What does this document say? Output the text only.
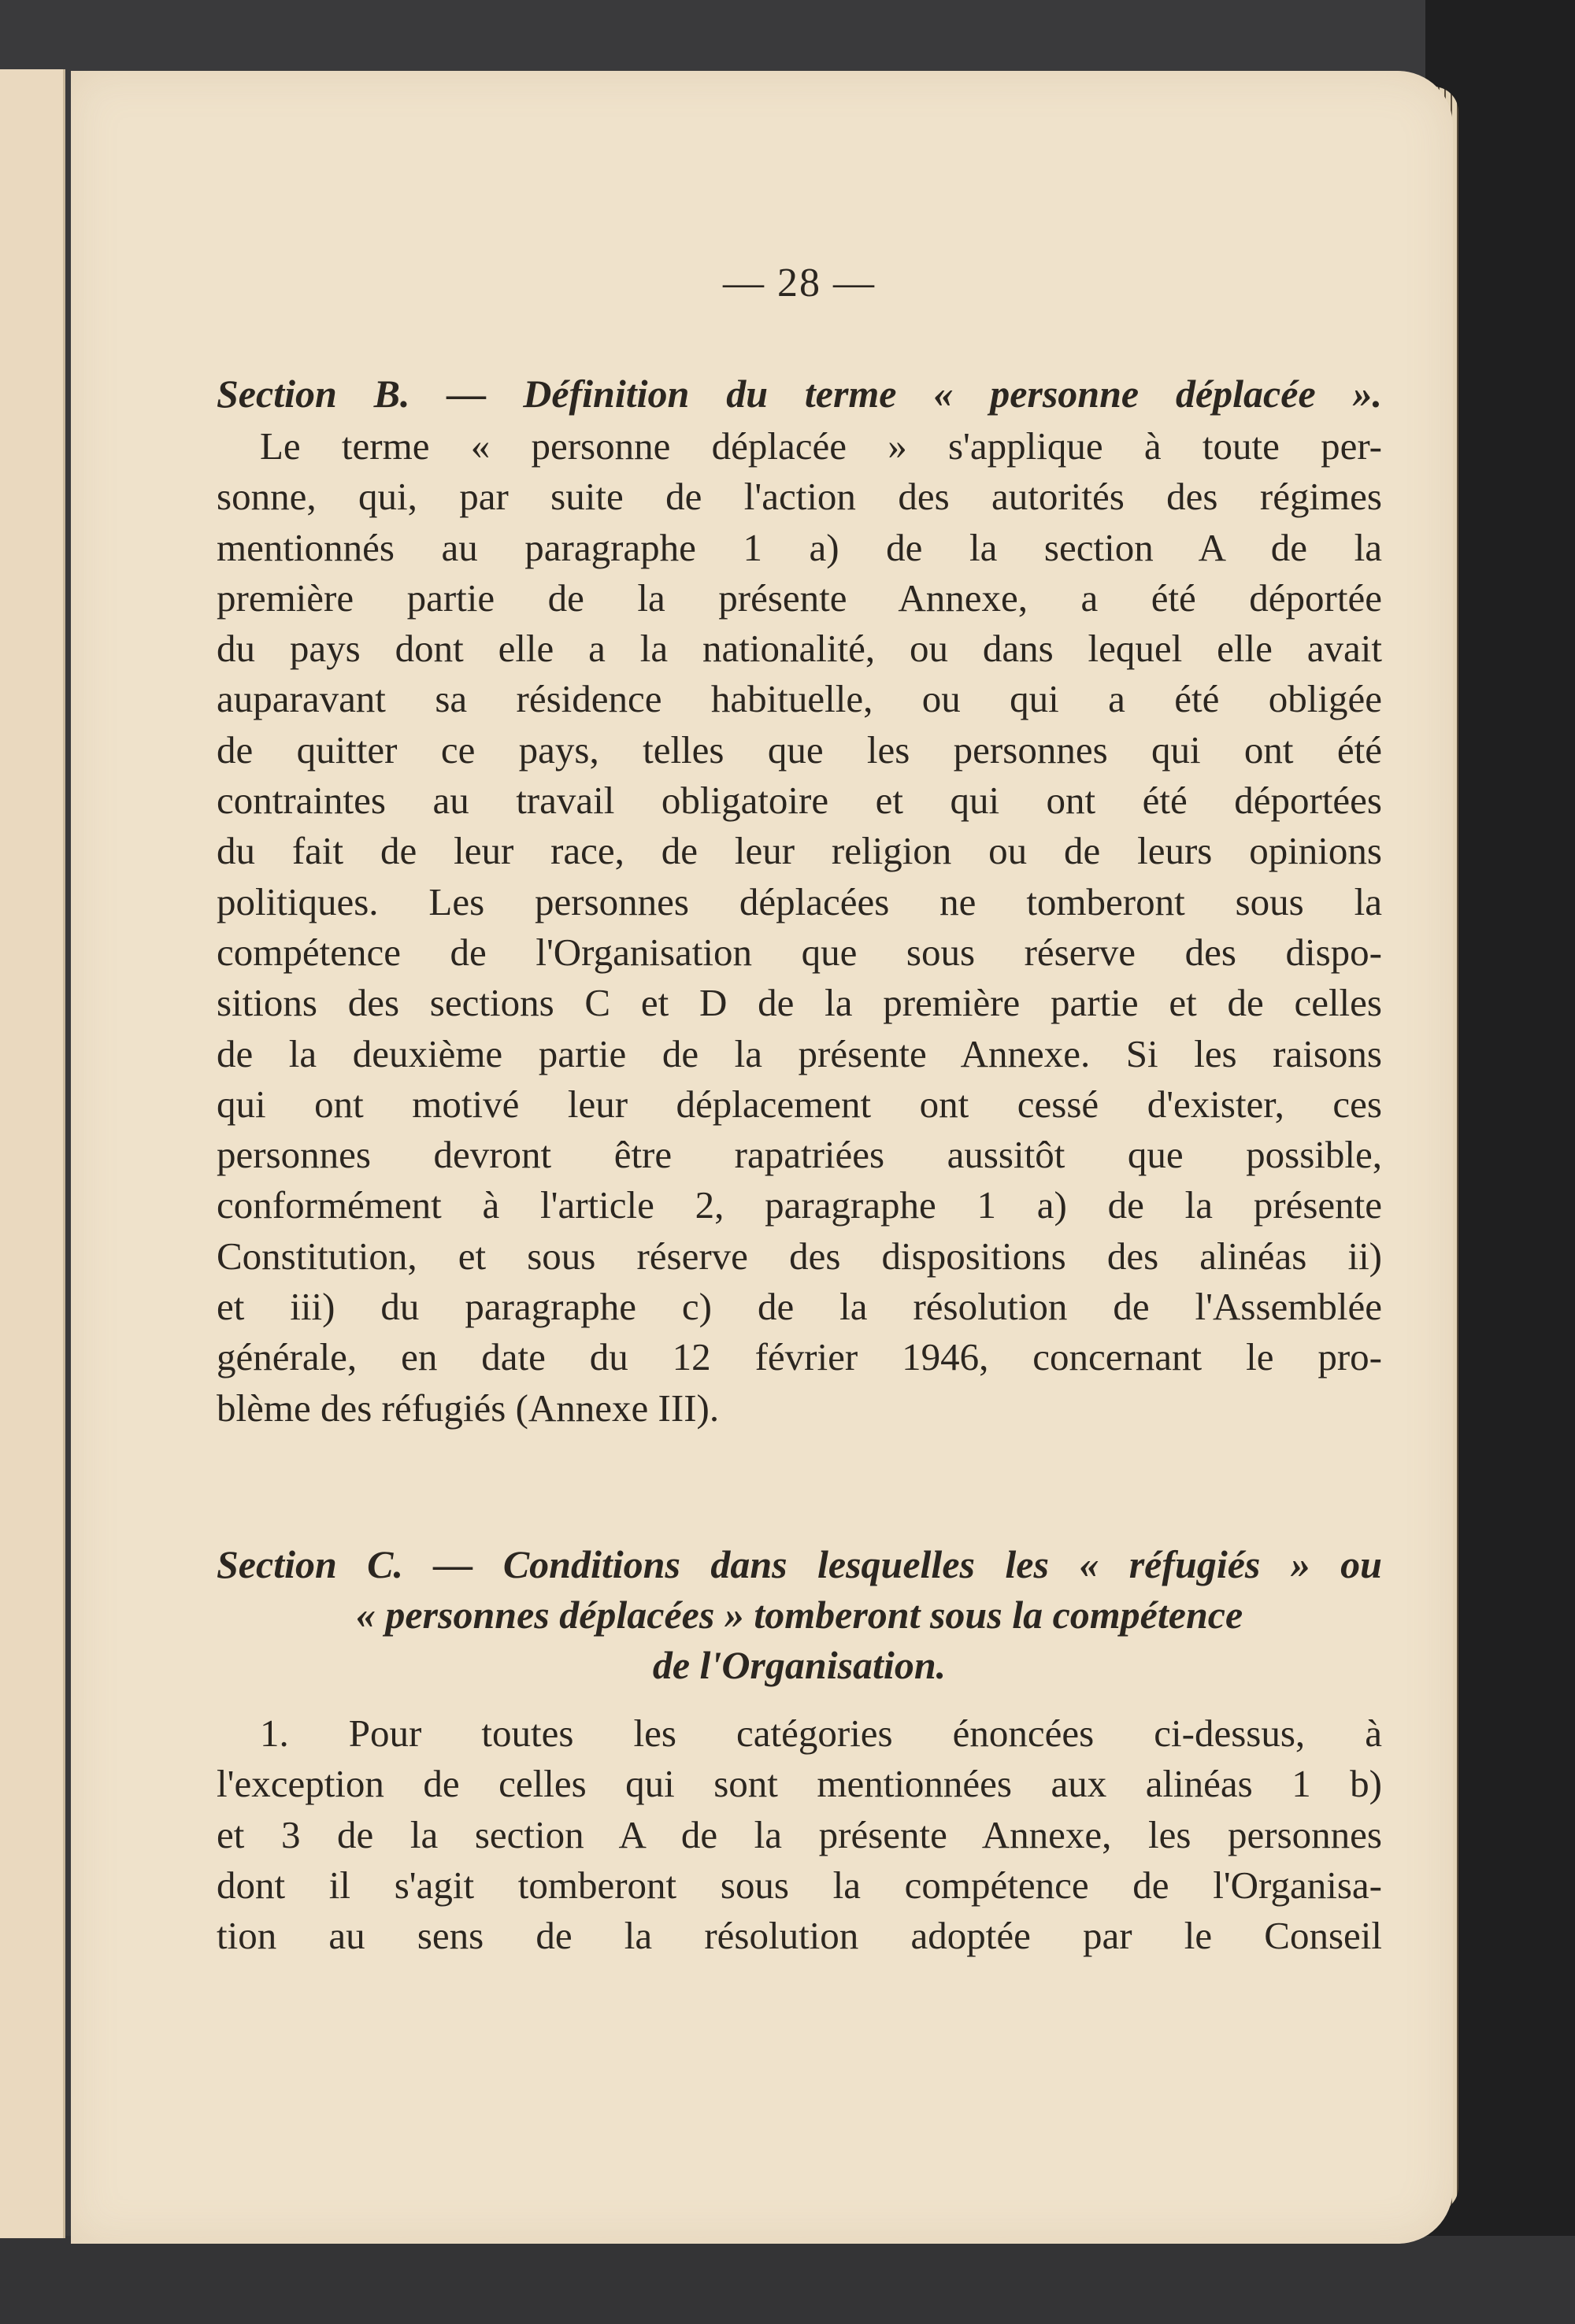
— 28 —
Section B. — Définition du terme « personne déplacée ».

Le terme « personne déplacée » s'applique à toute per-
sonne, qui, par suite de l'action des autorités des régimes
mentionnés au paragraphe 1 a) de la section A de la
première partie de la présente Annexe, a été déportée
du pays dont elle a la nationalité, ou dans lequel elle avait
auparavant sa résidence habituelle, ou qui a été obligée
de quitter ce pays, telles que les personnes qui ont été
contraintes au travail obligatoire et qui ont été déportées
du fait de leur race, de leur religion ou de leurs opinions
politiques. Les personnes déplacées ne tomberont sous la
compétence de l'Organisation que sous réserve des dispo-
sitions des sections C et D de la première partie et de celles
de la deuxième partie de la présente Annexe. Si les raisons
qui ont motivé leur déplacement ont cessé d'exister, ces
personnes devront être rapatriées aussitôt que possible,
conformément à l'article 2, paragraphe 1 a) de la présente
Constitution, et sous réserve des dispositions des alinéas ii)
et iii) du paragraphe c) de la résolution de l'Assemblée
générale, en date du 12 février 1946, concernant le pro-
blème des réfugiés (Annexe III).

Section C. — Conditions dans lesquelles les « réfugiés » ou
« personnes déplacées » tomberont sous la compétence
de l'Organisation.

1. Pour toutes les catégories énoncées ci-dessus, à
l'exception de celles qui sont mentionnées aux alinéas 1 b)
et 3 de la section A de la présente Annexe, les personnes
dont il s'agit tomberont sous la compétence de l'Organisa-
tion au sens de la résolution adoptée par le Conseil
